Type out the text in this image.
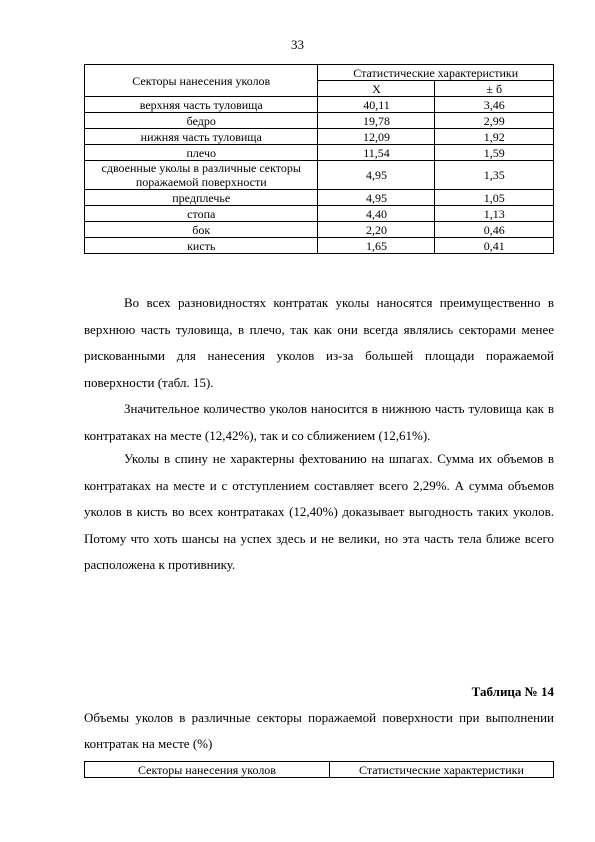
33
Секторы нанесения уколов	Статистические характеристики	
	X	± б
верхняя часть туловища	40,11	3,46
бедро	19,78	2,99
нижняя часть туловища	12,09	1,92
плечо	11,54	1,59

сдвоенные уколы в различные секторы
поражаемой поверхности	4,95	1,35
предплечье	4,95	1,05
стопа	4,40	1,13
бок	2,20	0,46
кисть	1,65	0,41

Во всех разновидностях контратак уколы наносятся преимущественно в верхнюю часть туловища, в плечо, так как они всегда являлись секторами менее рискованными для нанесения уколов из-за большей площади поражаемой поверхности (табл. 15).

Значительное количество уколов наносится в нижнюю часть туловища как в контратаках на месте (12,42%), так и со сближением (12,61%).

Уколы в спину не характерны фехтованию на шпагах. Сумма их объемов в контратаках на месте и с отступлением составляет всего 2,29%. А сумма объемов уколов в кисть во всех контратаках (12,40%) доказывает выгодность таких уколов. Потому что хоть шансы на успех здесь и не велики, но эта часть тела ближе всего расположена к противнику.

Таблица № 14

Объемы уколов в различные секторы поражаемой поверхности при выполнении контратак на месте (%)

Секторы нанесения уколов	Статистические характеристики
